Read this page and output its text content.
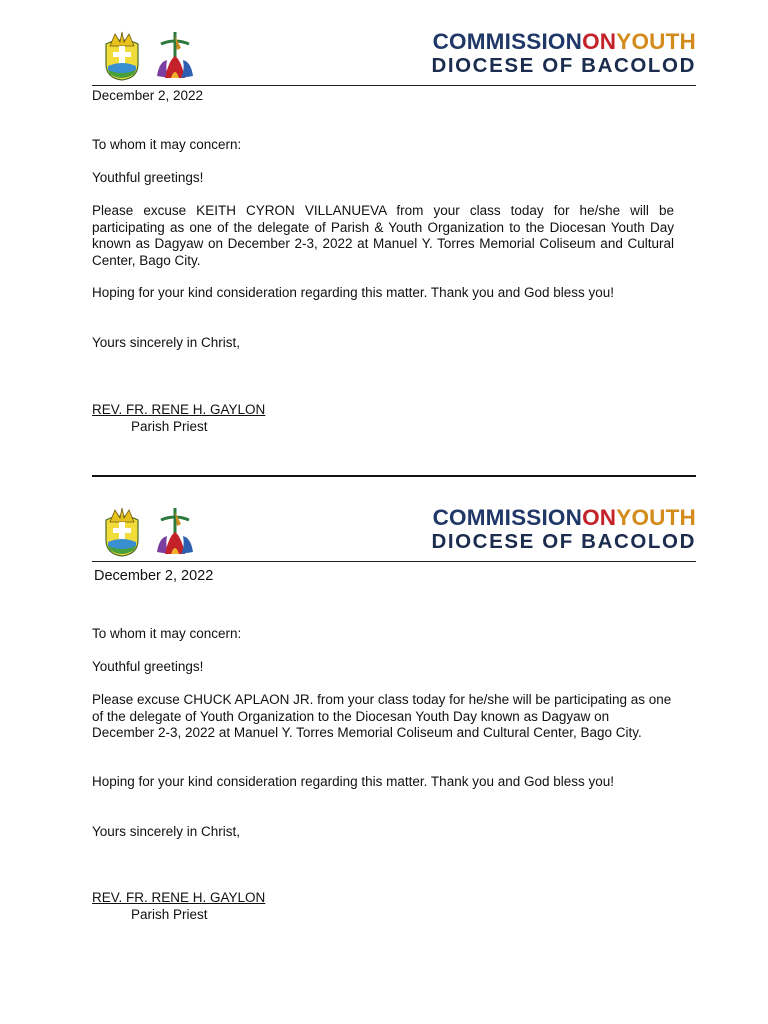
COMMISSIONONYOUTH
DIOCESE OF BACOLOD
December 2, 2022
To whom it may concern:
Youthful greetings!
Please excuse KEITH CYRON VILLANUEVA from your class today for he/she will be participating as one of the delegate of Parish & Youth Organization to the Diocesan Youth Day known as Dagyaw on December 2-3, 2022 at Manuel Y. Torres Memorial Coliseum and Cultural Center, Bago City.
Hoping for your kind consideration regarding this matter. Thank you and God bless you!
Yours sincerely in Christ,
REV. FR. RENE H. GAYLON
Parish Priest
COMMISSIONONYOUTH
DIOCESE OF BACOLOD
December 2, 2022
To whom it may concern:
Youthful greetings!
Please excuse CHUCK APLAON JR. from your class today for he/she will be participating as one of the delegate of Youth Organization to the Diocesan Youth Day known as Dagyaw on December 2-3, 2022 at Manuel Y. Torres Memorial Coliseum and Cultural Center, Bago City.
Hoping for your kind consideration regarding this matter. Thank you and God bless you!
Yours sincerely in Christ,
REV. FR. RENE H. GAYLON
Parish Priest
